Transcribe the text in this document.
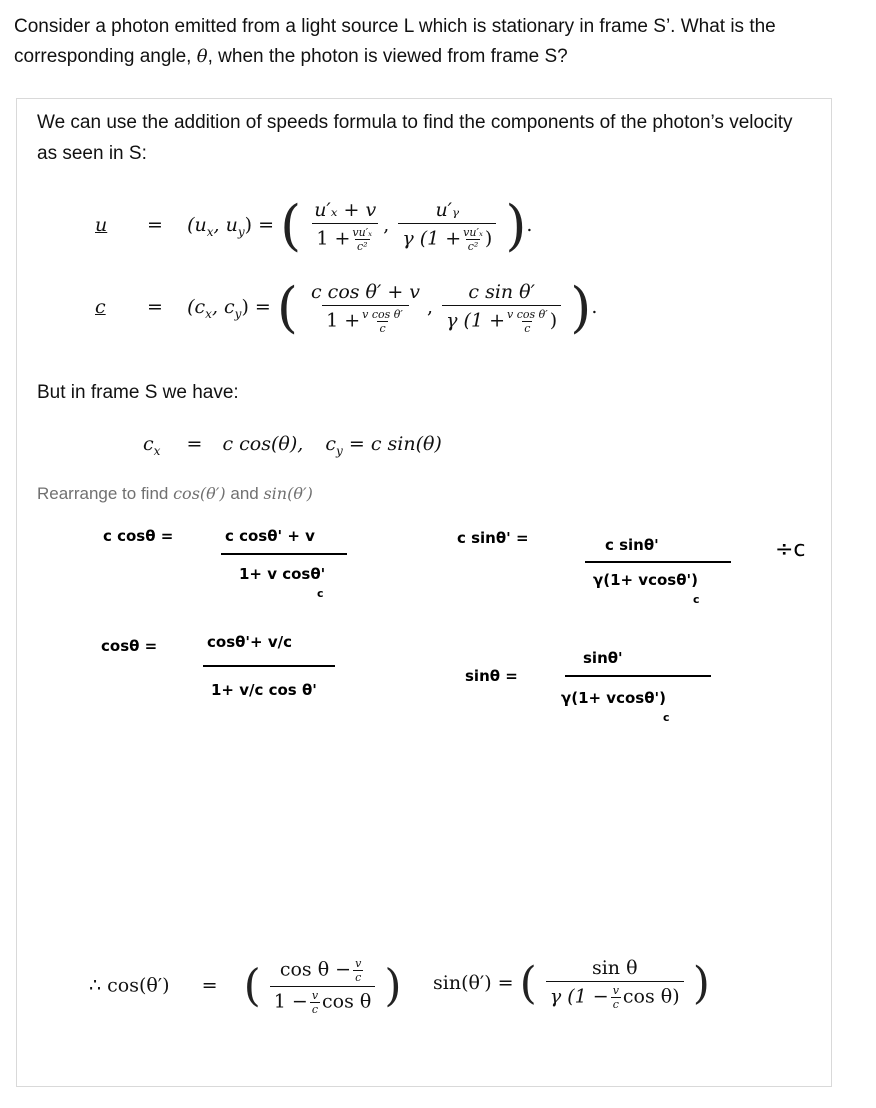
Consider a photon emitted from a light source L which is stationary in frame S’. What is the corresponding angle, θ, when the photon is viewed from frame S?
We can use the addition of speeds formula to find the components of the photon’s velocity as seen in S:
$u = (u_x$, $u_y$) = ( $\frac{\text{u′ₓ + v}}{1 + \frac{\text{vu′ₓ}}{\text{c²}}}$ , $\frac{\text{u′ᵧ}}{\gamma (1 + \frac{\text{vu′ₓ}}{\text{c²}} )}$ ).
$c = (c_x$, $c_y$) = ( $\frac{\text{c cos θ′ + v}}{1 + \frac{\text{v cos θ′}}{c}}$ , $\frac{\text{c sin θ′}}{\gamma (1 + \frac{\text{v cos θ′}}{c} )}$ ).
But in frame S we have:
$c_x = c$ cos(θ), $c_y = c$ sin(θ)
Rearrange to find cos(θ′) and sin(θ′)
c cosθ =	c cosθ' + v
1+ v cosθ'
c
c sinθ' =	c sinθ'
γ(1+ vcosθ')
c
÷c
cosθ =	cosθ'+ v/c
1+ v/c cos θ'
sinθ =
sinθ'
γ(1+ vcosθ')
c
∴ cos(θ′) = ( $\frac{\cos \theta - \frac{v}{c}}{1 - \frac{v}{c} \cos \theta}$ ) sin(θ′) = ( $\frac{\text{sin θ}}{\gamma (1 - \frac{v}{c} \cos \theta)}$ )
